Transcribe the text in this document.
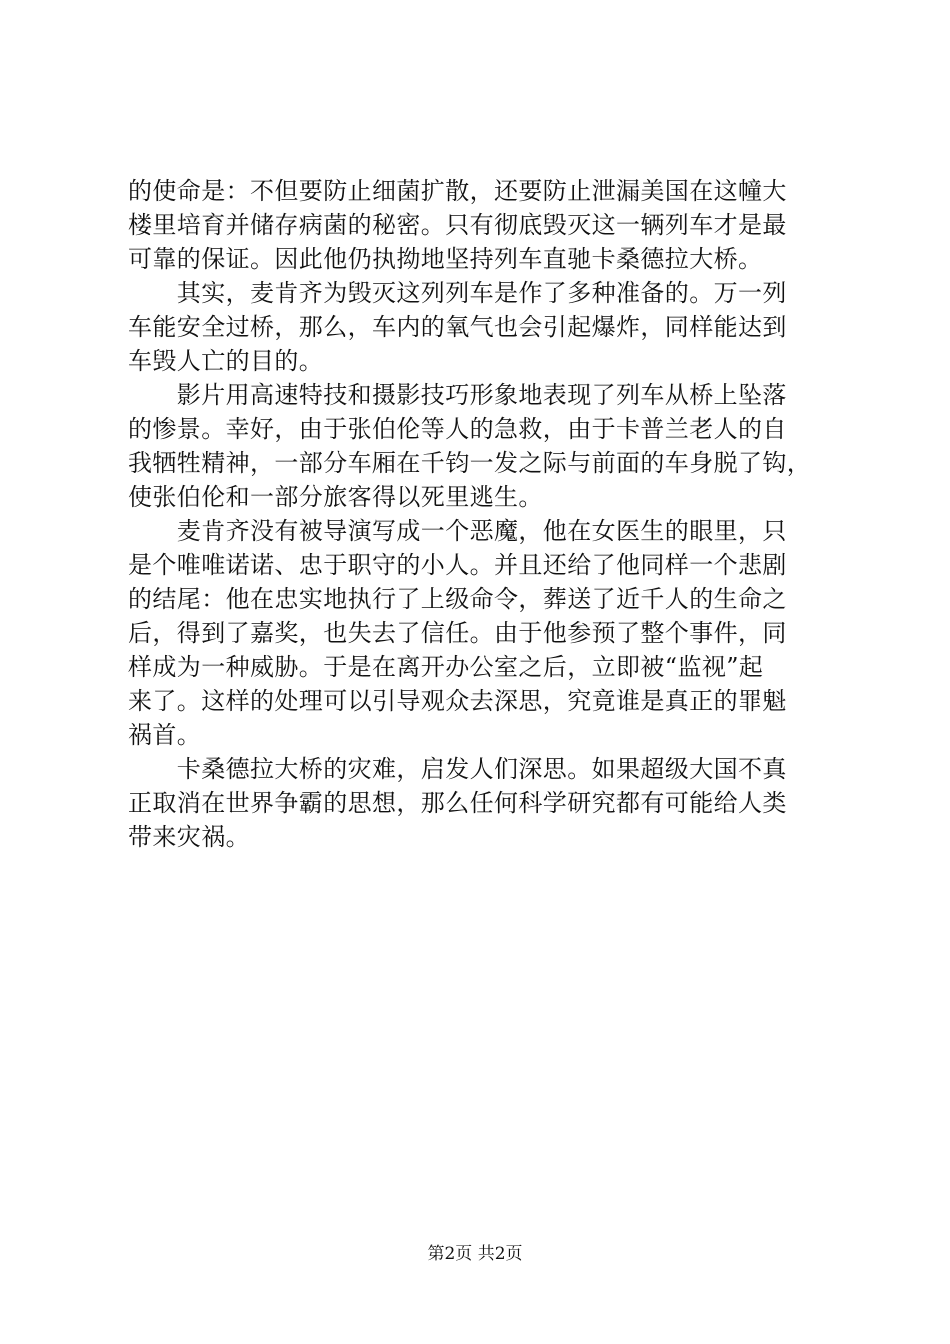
的使命是：不但要防止细菌扩散，还要防止泄漏美国在这幢大
楼里培育并储存病菌的秘密。只有彻底毁灭这一辆列车才是最
可靠的保证。因此他仍执拗地坚持列车直驰卡桑德拉大桥。
　　其实，麦肯齐为毁灭这列列车是作了多种准备的。万一列
车能安全过桥，那么，车内的氧气也会引起爆炸，同样能达到
车毁人亡的目的。
　　影片用高速特技和摄影技巧形象地表现了列车从桥上坠落
的惨景。幸好，由于张伯伦等人的急救，由于卡普兰老人的自
我牺牲精神，一部分车厢在千钧一发之际与前面的车身脱了钩，
使张伯伦和一部分旅客得以死里逃生。
　　麦肯齐没有被导演写成一个恶魔，他在女医生的眼里，只
是个唯唯诺诺、忠于职守的小人。并且还给了他同样一个悲剧
的结尾：他在忠实地执行了上级命令，葬送了近千人的生命之
后，得到了嘉奖，也失去了信任。由于他参预了整个事件，同
样成为一种威胁。于是在离开办公室之后，立即被“监视”起
来了。这样的处理可以引导观众去深思，究竟谁是真正的罪魁
祸首。
　　卡桑德拉大桥的灾难，启发人们深思。如果超级大国不真
正取消在世界争霸的思想，那么任何科学研究都有可能给人类
带来灾祸。
第2页 共2页
